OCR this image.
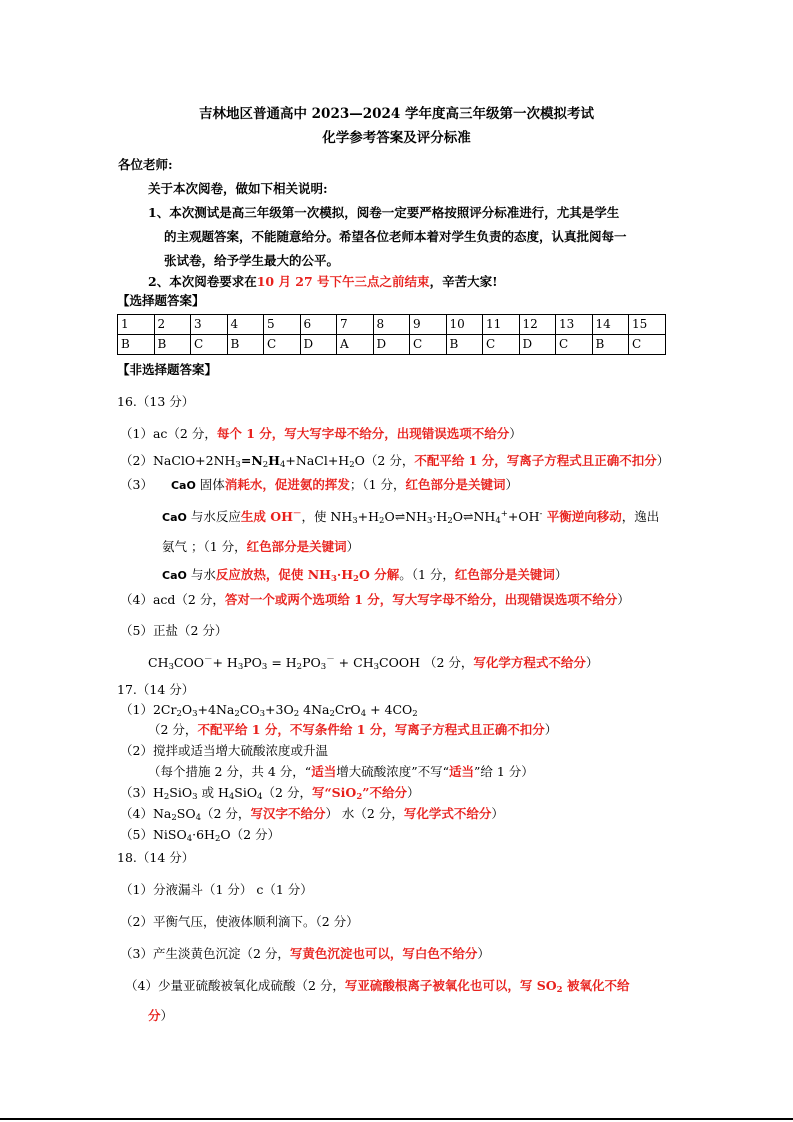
吉林地区普通高中 2023—2024 学年度高三年级第一次模拟考试
化学参考答案及评分标准
各位老师:
关于本次阅卷，做如下相关说明:
1、本次测试是高三年级第一次模拟，阅卷一定要严格按照评分标准进行，尤其是学生
的主观题答案，不能随意给分。希望各位老师本着对学生负责的态度，认真批阅每一
张试卷，给予学生最大的公平。
2、本次阅卷要求在10 月 27 号下午三点之前结束，辛苦大家!
【选择题答案】
1	2	3	4	5	6	7	8	9	10	11	12	13	14	15
B	B	C	B	C	D	A	D	C	B	C	D	C	B	C
【非选择题答案】
16.（13 分）
（1）ac（2 分，每个 1 分，写大写字母不给分，出现错误选项不给分）
$(2)NaClO+2NH_3=N_2H_4+NaCl+H_2O(2$ 分，不配平给 1 分，写离子方程式且正确不扣分）
（3） CaO 固体消耗水，促进氨的挥发；（1 分，红色部分是关键词）
CaO 与水反应生成 OH－，使 $NH_3+H_2O\rightleftharpoons NH_3\cdot H_2O\rightleftharpoons NH_4^++OH^-$ 平衡逆向移动，逸出
氨气 ；（1 分，红色部分是关键词）
CaO 与水反应放热，促使 $NH_3\cdot H_2O$ 分解。（1 分，红色部分是关键词）
（4）acd（2 分，答对一个或两个选项给 1 分，写大写字母不给分，出现错误选项不给分）
（5）正盐（2 分）
$CH_3COO^-+ H_3PO_3 = H_2PO_3^-$ + $CH_3COOH$ （2 分，写化学方程式不给分）
17.（14 分）
$(1)2Cr_2O_3+4Na_2CO_3+3O_2$ $4Na_2CrO_4 + 4CO_2$
（2 分，不配平给 1 分，不写条件给 1 分，写离子方程式且正确不扣分）
（2）搅拌或适当增大硫酸浓度或升温
（每个措施 2 分，共 4 分，“适当增大硫酸浓度”不写“适当”给 1 分）
$(3)H_2SiO_3$ 或 $H_4SiO_4(2$ 分，写“SiO$_2$”不给分）
$(4)Na_2SO_4(2$ 分，写汉字不给分） 水（2 分，写化学式不给分）
$(5)NiSO_4\cdot 6H_2O(2$ 分）
18.（14 分）
（1）分液漏斗（1 分） c（1 分）
（2）平衡气压，使液体顺利滴下。（2 分）
（3）产生淡黄色沉淀（2 分，写黄色沉淀也可以，写白色不给分）
（4）少量亚硫酸被氧化成硫酸（2 分，写亚硫酸根离子被氧化也可以，写 $SO_2$ 被氧化不给
分）
